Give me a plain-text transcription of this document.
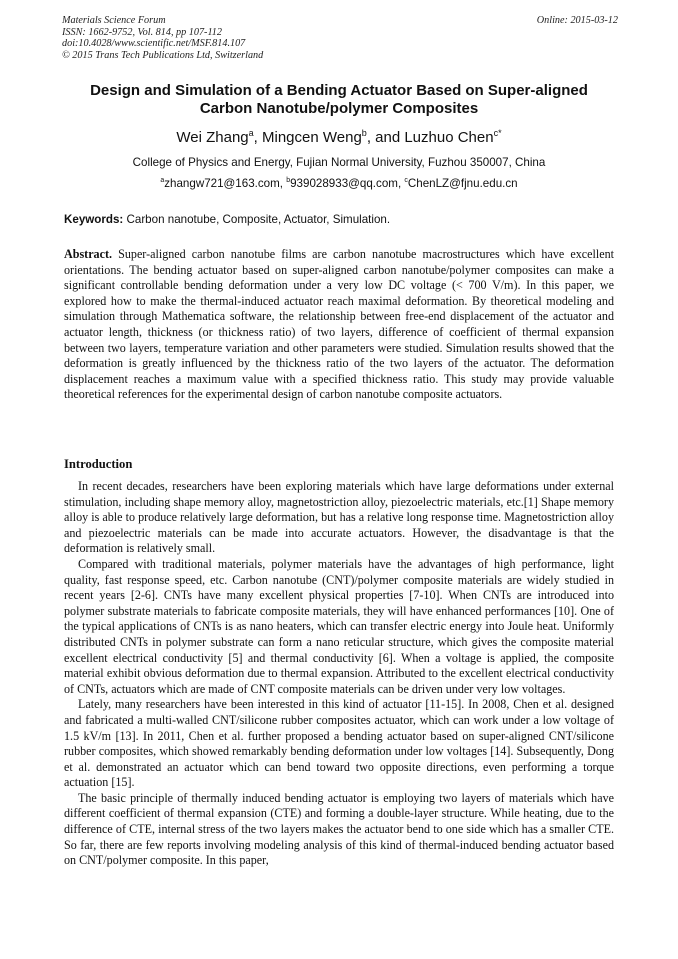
Materials Science Forum
ISSN: 1662-9752, Vol. 814, pp 107-112
doi:10.4028/www.scientific.net/MSF.814.107
© 2015 Trans Tech Publications Ltd, Switzerland
Online: 2015-03-12
Design and Simulation of a Bending Actuator Based on Super-aligned
Carbon Nanotube/polymer Composites
Wei Zhang$^a$, Mingcen Weng$^b$, and Luzhuo Chen$^{c*}$
College of Physics and Energy, Fujian Normal University, Fuzhou 350007, China
$^a$zhangw721@163.com, $^b$939028933@qq.com, $^c$ChenLZ@fjnu.edu.cn
Keywords: Carbon nanotube, Composite, Actuator, Simulation.
Abstract. Super-aligned carbon nanotube films are carbon nanotube macrostructures which have excellent orientations. The bending actuator based on super-aligned carbon nanotube/polymer composites can make a significant controllable bending deformation under a very low DC voltage (< 700 V/m). In this paper, we explored how to make the thermal-induced actuator reach maximal deformation. By theoretical modeling and simulation through Mathematica software, the relationship between free-end displacement of the actuator and actuator length, thickness (or thickness ratio) of two layers, difference of coefficient of thermal expansion between two layers, temperature variation and other parameters were studied. Simulation results showed that the deformation is greatly influenced by the thickness ratio of the two layers of the actuator. The deformation displacement reaches a maximum value with a specified thickness ratio. This study may provide valuable theoretical references for the experimental design of carbon nanotube composite actuators.
Introduction

In recent decades, researchers have been exploring materials which have large deformations under external stimulation, including shape memory alloy, magnetostriction alloy, piezoelectric materials, etc.[1] Shape memory alloy is able to produce relatively large deformation, but has a relative long response time. Magnetostriction alloy and piezoelectric materials can be made into accurate actuators. However, the disadvantage is that the deformation is relatively small.

Compared with traditional materials, polymer materials have the advantages of high performance, light quality, fast response speed, etc. Carbon nanotube (CNT)/polymer composite materials are widely studied in recent years [2-6]. CNTs have many excellent physical properties [7-10]. When CNTs are introduced into polymer substrate materials to fabricate composite materials, they will have enhanced performances [10]. One of the typical applications of CNTs is as nano heaters, which can transfer electric energy into Joule heat. Uniformly distributed CNTs in polymer substrate can form a nano reticular structure, which gives the composite material excellent electrical conductivity [5] and thermal conductivity [6]. When a voltage is applied, the composite material exhibit obvious deformation due to thermal expansion. Attributed to the excellent electrical conductivity of CNTs, actuators which are made of CNT composite materials can be driven under very low voltages.

Lately, many researchers have been interested in this kind of actuator [11-15]. In 2008, Chen et al. designed and fabricated a multi-walled CNT/silicone rubber composites actuator, which can work under a low voltage of 1.5 kV/m [13]. In 2011, Chen et al. further proposed a bending actuator based on super-aligned CNT/silicone rubber composites, which showed remarkably bending deformation under low voltages [14]. Subsequently, Dong et al. demonstrated an actuator which can bend toward two opposite directions, even performing a torque actuation [15].

The basic principle of thermally induced bending actuator is employing two layers of materials which have different coefficient of thermal expansion (CTE) and forming a double-layer structure. While heating, due to the difference of CTE, internal stress of the two layers makes the actuator bend to one side which has a smaller CTE. So far, there are few reports involving modeling analysis of this kind of thermal-induced bending actuator based on CNT/polymer composite. In this paper,
